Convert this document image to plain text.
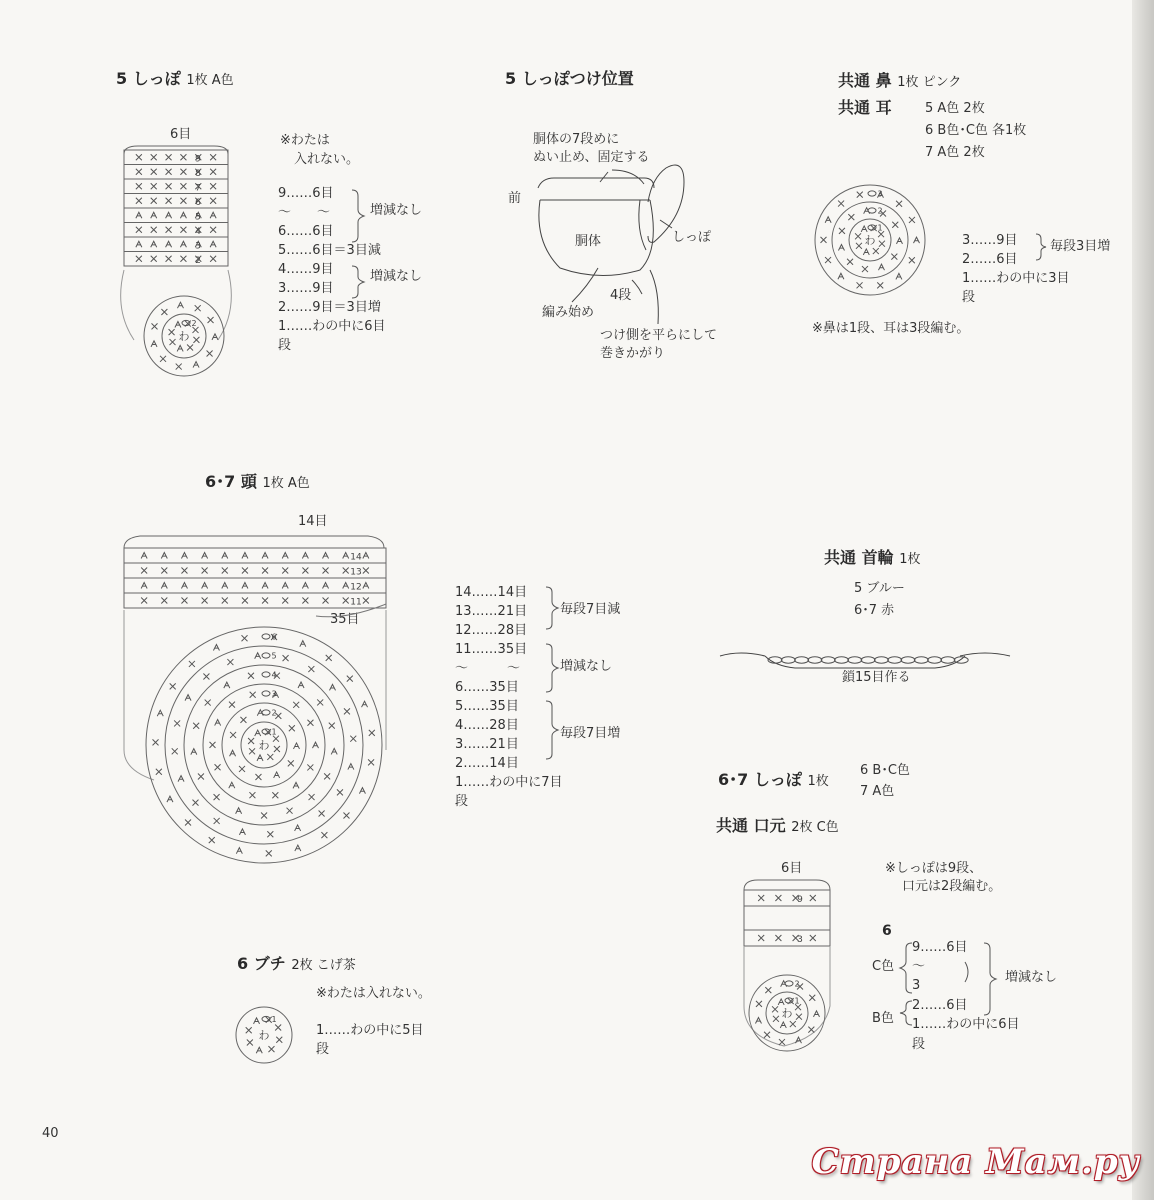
5 しっぽ 1枚 A色
6目	※わたは
入れない。
9……6目
～　　～
6……6目
5……6目＝3目減
4……9目
3……9目
2……9目＝3目増
1……わの中に6目
段
増減なし
増減なし
5 しっぽつけ位置
胴体の7段めに
ぬい止め、固定する
前
胴体	しっぽ
4段
編み始め
つけ側を平らにして
巻きかがり
共通 鼻 1枚 ピンク
共通 耳	5 A色 2枚
6 B色･C色 各1枚
7 A色 2枚
3……9目
2……6目
1……わの中に3目
段
毎段3目増
※鼻は1段、耳は3段編む。
6･7 頭 1枚 A色
14目
35目
14……14目
13……21目
12……28目
11……35目
～　　　～
6……35目
5……35目
4……28目
3……21目
2……14目
1……わの中に7目
段
毎段7目減
増減なし
毎段7目増
共通 首輪 1枚
5 ブルー
6･7 赤
鎖15目作る
6 ブチ 2枚 こげ茶
※わたは入れない。
1……わの中に5目
段
6･7 しっぽ 1枚
6 B･C色
7 A色
共通 口元 2枚 C色
6目	※しっぽは9段、
口元は2段編む。
6
C色
B色
9……6目
～
3
2……6目
1……わの中に6目
段
増減なし
40
Страна Мам.ру
9
8
7
6
5
4
3
2
わ
2
わ
1
2
3
14
13
12
11
わ
1
2
3
4
5
6
わ
1
9
3
わ
1
2
